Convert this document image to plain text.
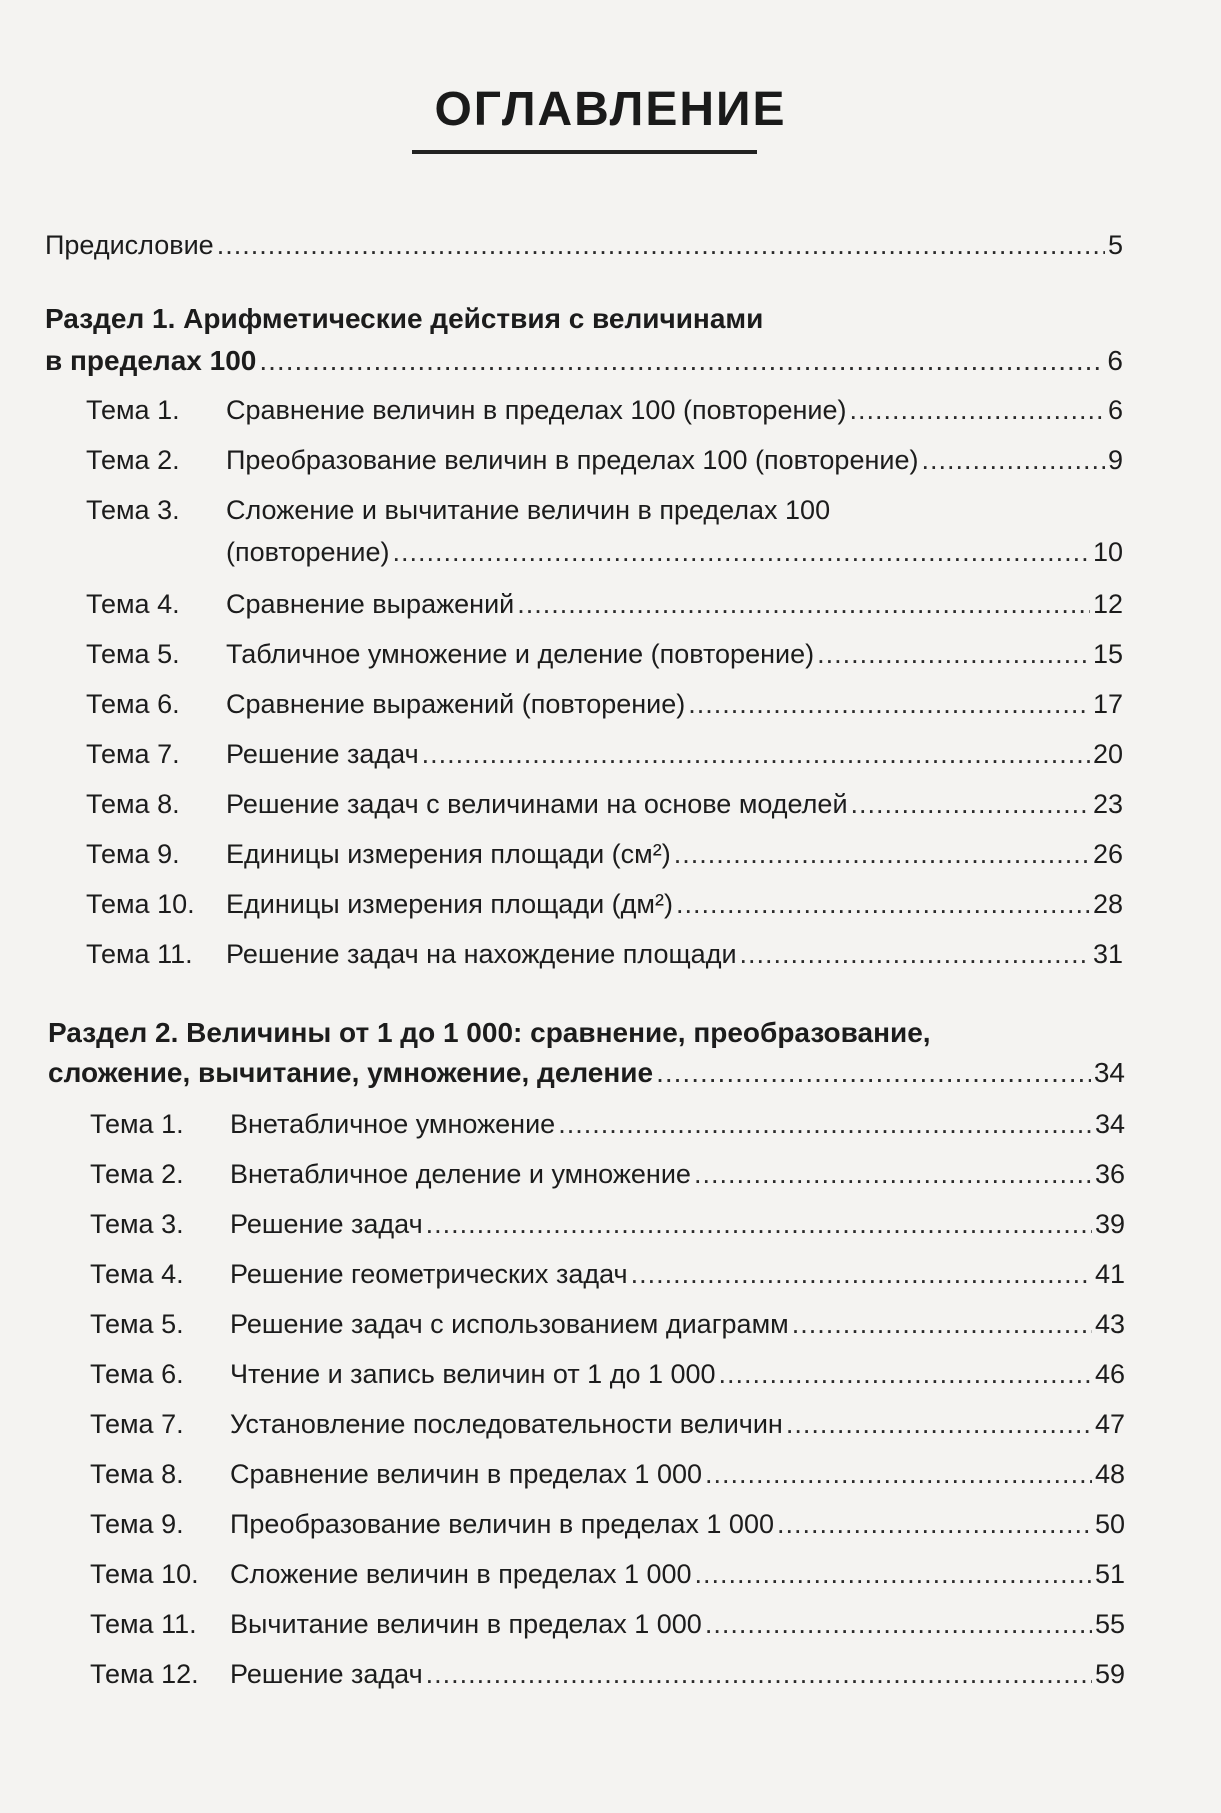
ОГЛАВЛЕНИЕ
Предисловие .....	5
Раздел 1. Арифметические действия с величинами
в пределах 100 .....	6
Тема 1.	Сравнение величин в пределах 100 (повторение) .....	6
Тема 2.	Преобразование величин в пределах 100 (повторение) .....	9
Тема 3.	Сложение и вычитание величин в пределах 100
(повторение) .....	10
Тема 4.	Сравнение выражений .....	12
Тема 5.	Табличное умножение и деление (повторение) .....	15
Тема 6.	Сравнение выражений (повторение) .....	17
Тема 7.	Решение задач .....	20
Тема 8.	Решение задач с величинами на основе моделей .....	23
Тема 9.	Единицы измерения площади (см²) .....	26
Тема 10.	Единицы измерения площади (дм²) .....	28
Тема 11.	Решение задач на нахождение площади .....	31
Раздел 2. Величины от 1 до 1 000: сравнение, преобразование,
сложение, вычитание, умножение, деление .....	34
Тема 1.	Внетабличное умножение .....	34
Тема 2.	Внетабличное деление и умножение .....	36
Тема 3.	Решение задач .....	39
Тема 4.	Решение геометрических задач .....	41
Тема 5.	Решение задач с использованием диаграмм .....	43
Тема 6.	Чтение и запись величин от 1 до 1 000 .....	46
Тема 7.	Установление последовательности величин .....	47
Тема 8.	Сравнение величин в пределах 1 000 .....	48
Тема 9.	Преобразование величин в пределах 1 000 .....	50
Тема 10.	Сложение величин в пределах 1 000 .....	51
Тема 11.	Вычитание величин в пределах 1 000 .....	55
Тема 12.	Решение задач .....	59
